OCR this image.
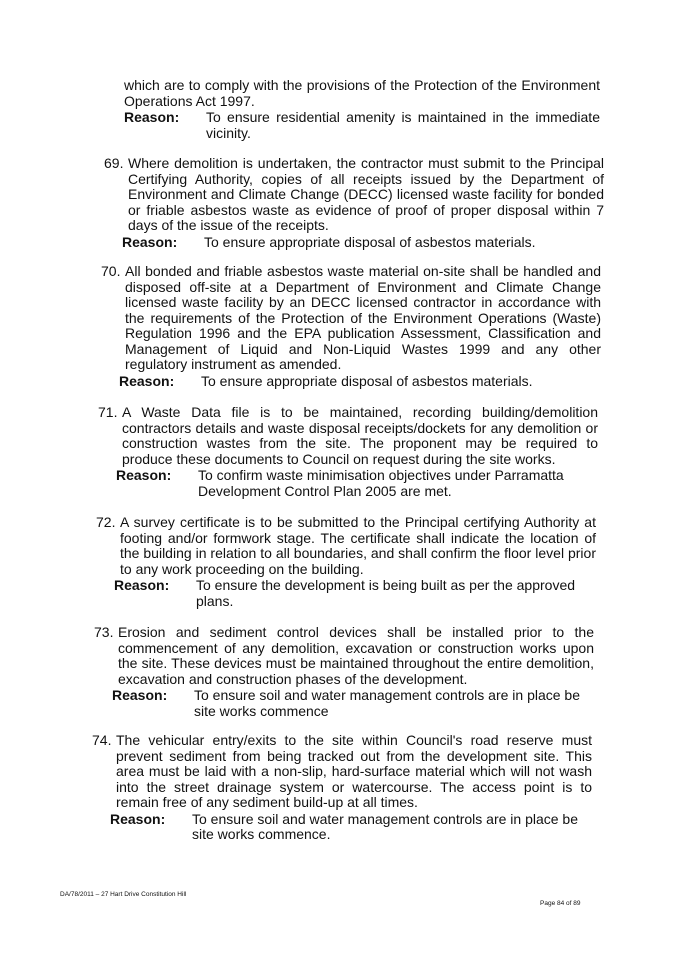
which are to comply with the provisions of the Protection of the Environment Operations Act 1997.
Reason:	To ensure residential amenity is maintained in the immediate vicinity.
69. Where demolition is undertaken, the contractor must submit to the Principal Certifying Authority, copies of all receipts issued by the Department of Environment and Climate Change (DECC) licensed waste facility for bonded or friable asbestos waste as evidence of proof of proper disposal within 7 days of the issue of the receipts.
Reason:	To ensure appropriate disposal of asbestos materials.
70. All bonded and friable asbestos waste material on-site shall be handled and disposed off-site at a Department of Environment and Climate Change licensed waste facility by an DECC licensed contractor in accordance with the requirements of the Protection of the Environment Operations (Waste) Regulation 1996 and the EPA publication Assessment, Classification and Management of Liquid and Non-Liquid Wastes 1999 and any other regulatory instrument as amended.
Reason:	To ensure appropriate disposal of asbestos materials.
71. A Waste Data file is to be maintained, recording building/demolition contractors details and waste disposal receipts/dockets for any demolition or construction wastes from the site. The proponent may be required to produce these documents to Council on request during the site works.
Reason:	To confirm waste minimisation objectives under Parramatta Development Control Plan 2005 are met.
72. A survey certificate is to be submitted to the Principal certifying Authority at footing and/or formwork stage. The certificate shall indicate the location of the building in relation to all boundaries, and shall confirm the floor level prior to any work proceeding on the building.
Reason:	To ensure the development is being built as per the approved plans.
73. Erosion and sediment control devices shall be installed prior to the commencement of any demolition, excavation or construction works upon the site. These devices must be maintained throughout the entire demolition, excavation and construction phases of the development.
Reason:	To ensure soil and water management controls are in place be site works commence
74. The vehicular entry/exits to the site within Council's road reserve must prevent sediment from being tracked out from the development site. This area must be laid with a non-slip, hard-surface material which will not wash into the street drainage system or watercourse. The access point is to remain free of any sediment build-up at all times.
Reason:	To ensure soil and water management controls are in place be site works commence.
DA/78/2011 – 27 Hart Drive Constitution Hill
Page 84 of 89
